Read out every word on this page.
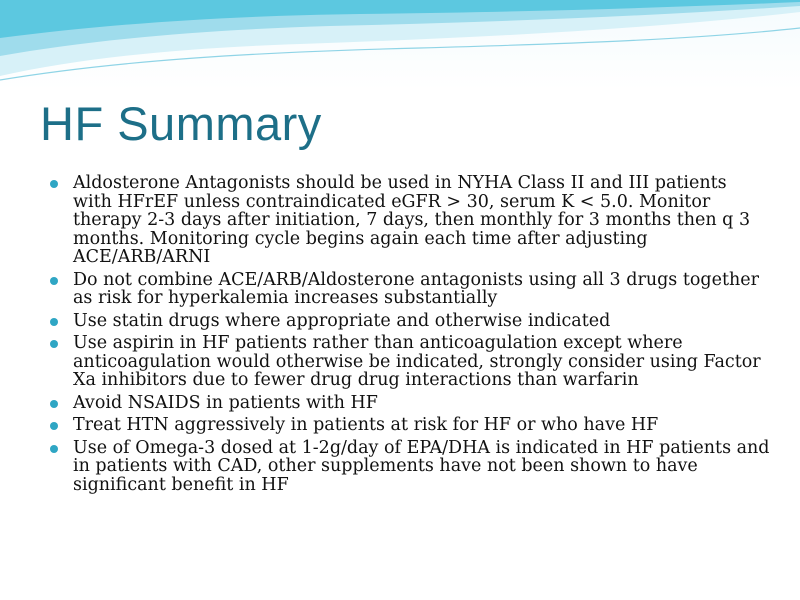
HF Summary
Aldosterone Antagonists should be used in NYHA Class II and III patients with HFrEF unless contraindicated eGFR > 30, serum K < 5.0. Monitor therapy 2-3 days after initiation, 7 days, then monthly for 3 months then q 3 months. Monitoring cycle begins again each time after adjusting ACE/ARB/ARNI
Do not combine ACE/ARB/Aldosterone antagonists using all 3 drugs together as risk for hyperkalemia increases substantially
Use statin drugs where appropriate and otherwise indicated
Use aspirin in HF patients rather than anticoagulation except where anticoagulation would otherwise be indicated, strongly consider using Factor Xa inhibitors due to fewer drug drug interactions than warfarin
Avoid NSAIDS in patients with HF
Treat HTN aggressively in patients at risk for HF or who have HF
Use of Omega-3 dosed at 1-2g/day of EPA/DHA is indicated in HF patients and in patients with CAD, other supplements have not been shown to have significant benefit in HF
